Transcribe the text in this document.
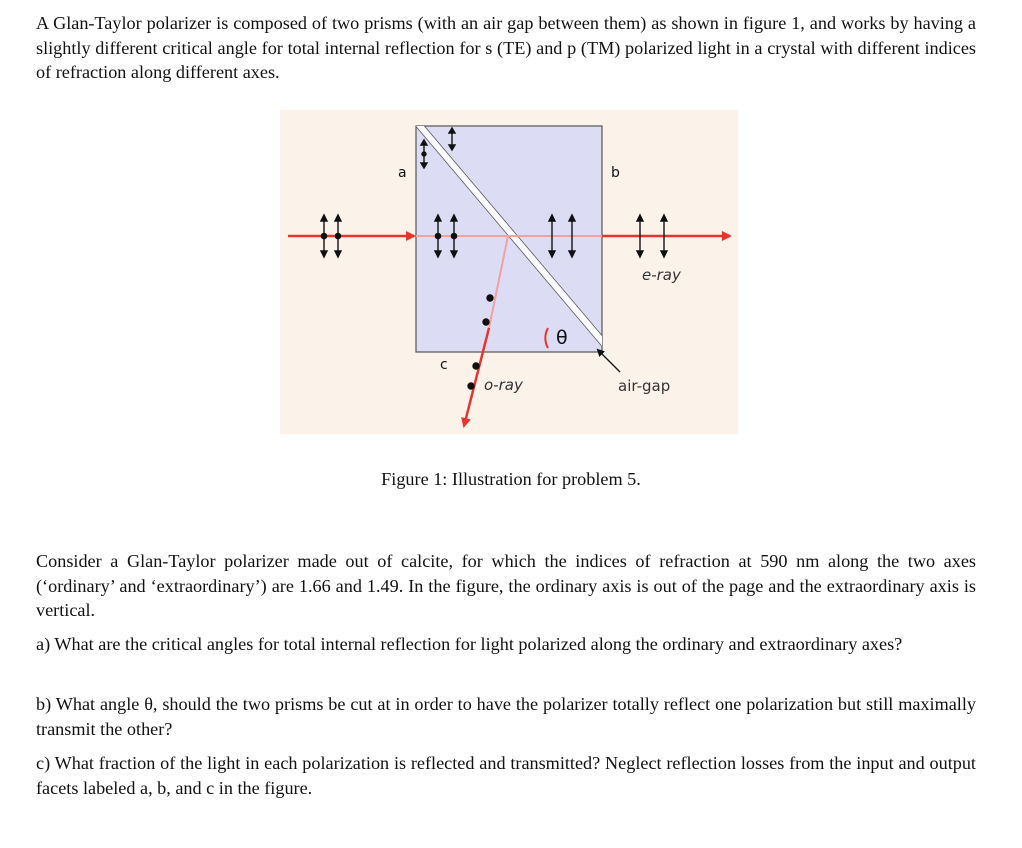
A Glan-Taylor polarizer is composed of two prisms (with an air gap between them) as shown in figure 1, and works by having a slightly different critical angle for total internal reflection for s (TE) and p (TM) polarized light in a crystal with different indices of refraction along different axes.

θ
a	b
c
e-ray
o-ray	air-gap
Figure 1: Illustration for problem 5.

Consider a Glan-Taylor polarizer made out of calcite, for which the indices of refraction at 590 nm along the two axes (‘ordinary’ and ‘extraordinary’) are 1.66 and 1.49. In the figure, the ordinary axis is out of the page and the extraordinary axis is vertical.

a) What are the critical angles for total internal reflection for light polarized along the ordinary and extraordinary axes?

b) What angle θ, should the two prisms be cut at in order to have the polarizer totally reflect one polarization but still maximally transmit the other?

c) What fraction of the light in each polarization is reflected and transmitted? Neglect reflection losses from the input and output facets labeled a, b, and c in the figure.
